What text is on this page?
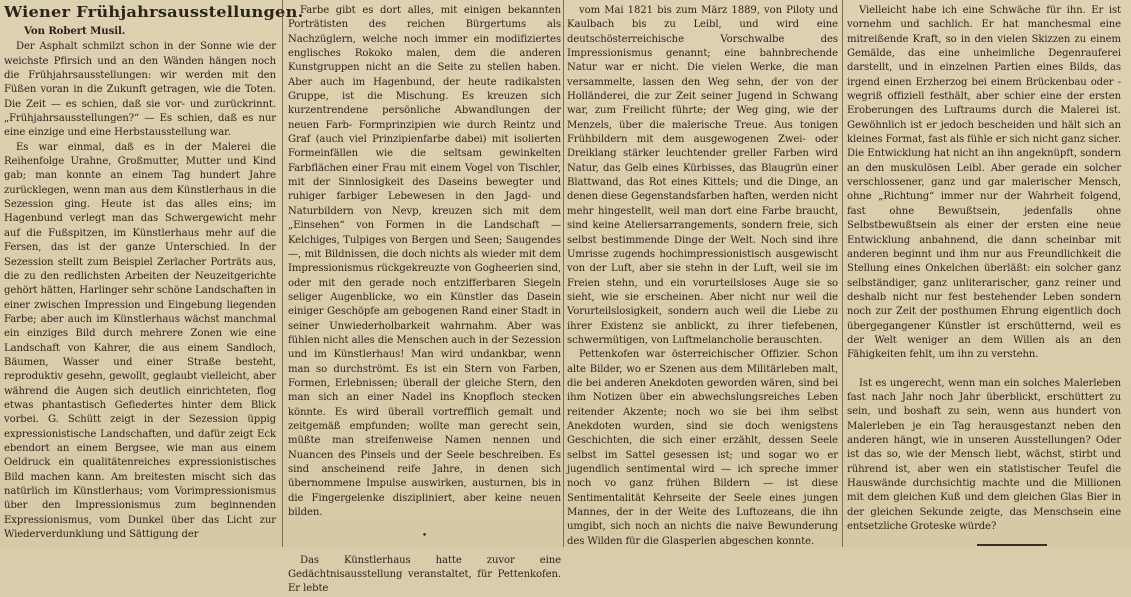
Wiener Frühjahrsausstellungen.
Von Robert Musil.

Der Asphalt schmilzt schon in der Sonne wie der weichste Pfirsich und an den Wänden hängen noch die Frühjahrsausstellungen: wir werden mit den Füßen voran in die Zukunft getragen, wie die Toten. Die Zeit — es schien, daß sie vor- und zurückrinnt. „Frühjahrsausstellungen?“ — Es schien, daß es nur eine einzige und eine Herbstausstellung war.

Es war einmal, daß es in der Malerei die Reihenfolge Urahne, Großmutter, Mutter und Kind gab; man konnte an einem Tag hundert Jahre zurücklegen, wenn man aus dem Künstlerhaus in die Sezession ging. Heute ist das alles eins; im Hagenbund verlegt man das Schwergewicht mehr auf die Fußspitzen, im Künstlerhaus mehr auf die Fersen, das ist der ganze Unterschied. In der Sezession stellt zum Beispiel Zerlacher Porträts aus, die zu den redlichsten Arbeiten der Neuzeitgerichte gehört hätten, Harlinger sehr schöne Landschaften in einer zwischen Impression und Eingebung liegenden Farbe; aber auch im Künstlerhaus wächst manchmal ein einziges Bild durch mehrere Zonen wie eine Landschaft von Kahrer, die aus einem Sandloch, Bäumen, Wasser und einer Straße besteht, reproduktiv gesehn, gewollt, geglaubt vielleicht, aber während die Augen sich deutlich einrichteten, flog etwas phantastisch Gefiedertes hinter dem Blick vorbei. G. Schütt zeigt in der Sezession üppig expressionistische Landschaften, und dafür zeigt Eck ebendort an einem Bergsee, wie man aus einem Oeldruck ein qualitätenreiches expressionistisches Bild machen kann. Am breitesten mischt sich das natürlich im Künstlerhaus; vom Vorimpressionismus über den Impressionismus zum beginnenden Expressionismus, vom Dunkel über das Licht zur Wiederverdunklung und Sättigung der

Farbe gibt es dort alles, mit einigen bekannten Porträtisten des reichen Bürgertums als Nachzüglern, welche noch immer ein modifiziertes englisches Rokoko malen, dem die anderen Kunstgruppen nicht an die Seite zu stellen haben. Aber auch im Hagenbund, der heute radikalsten Gruppe, ist die Mischung. Es kreuzen sich kurzentrendene persönliche Abwandlungen der neuen Farb- Formprinzipien wie durch Reintz und Graf (auch viel Prinzipienfarbe dabei) mit isolierten Formeinfällen wie die seltsam gewinkelten Farbflächen einer Frau mit einem Vogel von Tischler, mit der Sinnlosigkeit des Daseins bewegter und ruhiger farbiger Lebewesen in den Jagd- und Naturbildern von Nevp, kreuzen sich mit dem „Einsehen“ von Formen in die Landschaft — Kelchiges, Tulpiges von Bergen und Seen; Saugendes —, mit Bildnissen, die doch nichts als wieder mit dem Impressionismus rückgekreuzte von Gogheerien sind, oder mit den gerade noch entzifferbaren Siegeln seliger Augenblicke, wo ein Künstler das Dasein einiger Geschöpfe am gebogenen Rand einer Stadt in seiner Unwiederholbarkeit wahrnahm. Aber was fühlen nicht alles die Menschen auch in der Sezession und im Künstlerhaus! Man wird undankbar, wenn man so durchströmt. Es ist ein Stern von Farben, Formen, Erlebnissen; überall der gleiche Stern, den man sich an einer Nadel ins Knopfloch stecken könnte. Es wird überall vortrefflich gemalt und zeitgemäß empfunden; wollte man gerecht sein, müßte man streifenweise Namen nennen und Nuancen des Pinsels und der Seele beschreiben. Es sind anscheinend reife Jahre, in denen sich übernommene Impulse auswirken, austurnen, bis in die Fingergelenke diszipliniert, aber keine neuen bilden.

•

Das Künstlerhaus hatte zuvor eine Gedächtnisausstellung veranstaltet, für Pettenkofen. Er lebte

vom Mai 1821 bis zum März 1889, von Piloty und Kaulbach bis zu Leibl, und wird eine deutschösterreichische Vorschwalbe des Impressionismus genannt; eine bahnbrechende Natur war er nicht. Die vielen Werke, die man versammelte, lassen den Weg sehn, der von der Holländerei, die zur Zeit seiner Jugend in Schwang war, zum Freilicht führte; der Weg ging, wie der Menzels, über die malerische Treue. Aus tonigen Frühbildern mit dem ausgewogenen Zwei- oder Dreiklang stärker leuchtender greller Farben wird Natur, das Gelb eines Kürbisses, das Blaugrün einer Blattwand, das Rot eines Kittels; und die Dinge, an denen diese Gegenstandsfarben haften, werden nicht mehr hingestellt, weil man dort eine Farbe braucht, sind keine Ateliersarrangements, sondern freie, sich selbst bestimmende Dinge der Welt. Noch sind ihre Umrisse zugends hochimpressionistisch ausgewischt von der Luft, aber sie stehn in der Luft, weil sie im Freien stehn, und ein vorurteilsloses Auge sie so sieht, wie sie erscheinen. Aber nicht nur weil die Vorurteilslosigkeit, sondern auch weil die Liebe zu ihrer Existenz sie anblickt, zu ihrer tiefebenen, schwermütigen, von Luftmelancholie berauschten.

Pettenkofen war österreichischer Offizier. Schon alte Bilder, wo er Szenen aus dem Militärleben malt, die bei anderen Anekdoten geworden wären, sind bei ihm Notizen über ein abwechslungsreiches Leben reitender Akzente; noch wo sie bei ihm selbst Anekdoten wurden, sind sie doch wenigstens Geschichten, die sich einer erzählt, dessen Seele selbst im Sattel gesessen ist; und sogar wo er jugendlich sentimental wird — ich spreche immer noch vo ganz frühen Bildern — ist diese Sentimentalität Kehrseite der Seele eines jungen Mannes, der in der Weite des Luftozeans, die ihn umgibt, sich noch an nichts die naive Bewunderung des Wilden für die Glasperlen abgeschen konnte.

Vielleicht habe ich eine Schwäche für ihn. Er ist vornehm und sachlich. Er hat manchesmal eine mitreißende Kraft, so in den vielen Skizzen zu einem Gemälde, das eine unheimliche Degenrauferei darstellt, und in einzelnen Partien eines Bilds, das irgend einen Erzherzog bei einem Brückenbau oder -wegriß offiziell festhält, aber schier eine der ersten Eroberungen des Luftraums durch die Malerei ist. Gewöhnlich ist er jedoch bescheiden und hält sich an kleines Format, fast als fühle er sich nicht ganz sicher. Die Entwicklung hat nicht an ihn angeknüpft, sondern an den muskulösen Leibl. Aber gerade ein solcher verschlossener, ganz und gar malerischer Mensch, ohne „Richtung“ immer nur der Wahrheit folgend, fast ohne Bewußtsein, jedenfalls ohne Selbstbewußtsein als einer der ersten eine neue Entwicklung anbahnend, die dann scheinbar mit anderen beginnt und ihm nur aus Freundlichkeit die Stellung eines Onkelchen überläßt: ein solcher ganz selbständiger, ganz unliterarischer, ganz reiner und deshalb nicht nur fest bestehender Leben sondern noch zur Zeit der posthumen Ehrung eigentlich doch übergegangener Künstler ist erschütternd, weil es der Welt weniger an dem Willen als an den Fähigkeiten fehlt, um ihn zu verstehn.

Ist es ungerecht, wenn man ein solches Malerleben fast nach Jahr noch Jahr überblickt, erschüttert zu sein, und boshaft zu sein, wenn aus hundert von Malerleben je ein Tag herausgestanzt neben den anderen hängt, wie in unseren Ausstellungen? Oder ist das so, wie der Mensch liebt, wächst, stirbt und rührend ist, aber wen ein statistischer Teufel die Hauswände durchsichtig machte und die Millionen mit dem gleichen Kuß und dem gleichen Glas Bier in der gleichen Sekunde zeigte, das Menschsein eine entsetzliche Groteske würde?
